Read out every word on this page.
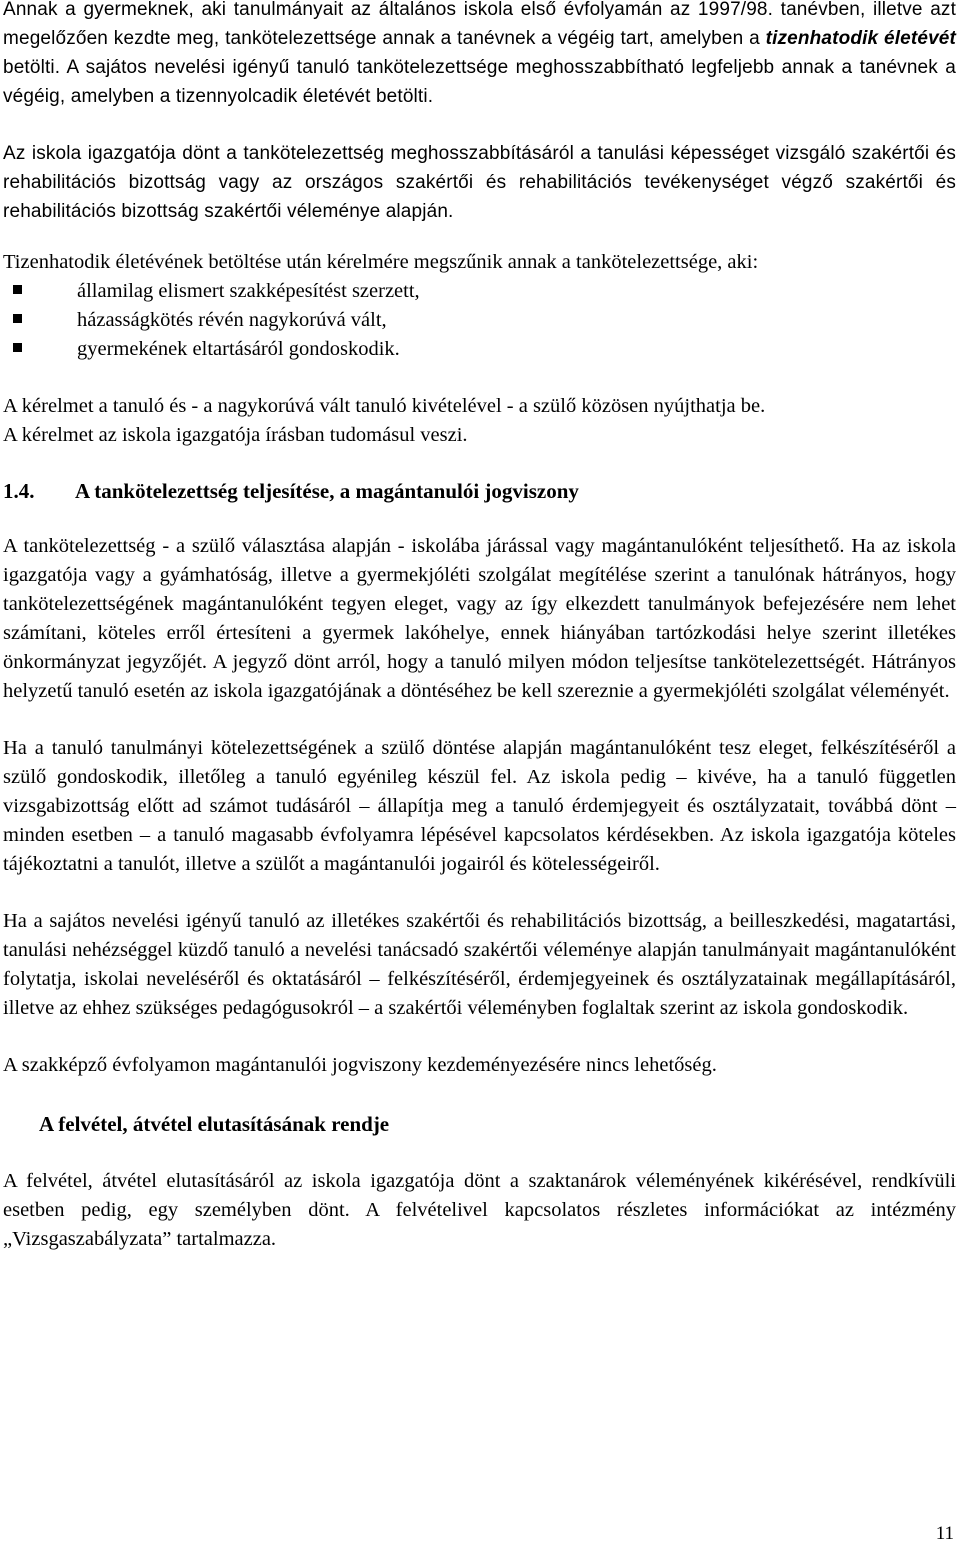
Annak a gyermeknek, aki tanulmányait az általános iskola első évfolyamán az 1997/98. tanévben, illetve azt megelőzően kezdte meg, tankötelezettsége annak a tanévnek a végéig tart, amelyben a tizenhatodik életévét betölti. A sajátos nevelési igényű tanuló tankötelezettsége meghosszabbítható legfeljebb annak a tanévnek a végéig, amelyben a tizennyolcadik életévét betölti.

Az iskola igazgatója dönt a tankötelezettség meghosszabbításáról a tanulási képességet vizsgáló szakértői és rehabilitációs bizottság vagy az országos szakértői és rehabilitációs tevékenységet végző szakértői és rehabilitációs bizottság szakértői véleménye alapján.

Tizenhatodik életévének betöltése után kérelmére megszűnik annak a tankötelezettsége, aki:

államilag elismert szakképesítést szerzett,
házasságkötés révén nagykorúvá vált,
gyermekének eltartásáról gondoskodik.
A kérelmet a tanuló és - a nagykorúvá vált tanuló kivételével - a szülő közösen nyújthatja be.
A kérelmet az iskola igazgatója írásban tudomásul veszi.
1.4.	A tankötelezettség teljesítése, a magántanulói jogviszony

A tankötelezettség - a szülő választása alapján - iskolába járással vagy magántanulóként teljesíthető. Ha az iskola igazgatója vagy a gyámhatóság, illetve a gyermekjóléti szolgálat megítélése szerint a tanulónak hátrányos, hogy tankötelezettségének magántanulóként tegyen eleget, vagy az így elkezdett tanulmányok befejezésére nem lehet számítani, köteles erről értesíteni a gyermek lakóhelye, ennek hiányában tartózkodási helye szerint illetékes önkormányzat jegyzőjét. A jegyző dönt arról, hogy a tanuló milyen módon teljesítse tankötelezettségét. Hátrányos helyzetű tanuló esetén az iskola igazgatójának a döntéséhez be kell szereznie a gyermekjóléti szolgálat véleményét.

Ha a tanuló tanulmányi kötelezettségének a szülő döntése alapján magántanulóként tesz eleget, felkészítéséről a szülő gondoskodik, illetőleg a tanuló egyénileg készül fel. Az iskola pedig – kivéve, ha a tanuló független vizsgabizottság előtt ad számot tudásáról – állapítja meg a tanuló érdemjegyeit és osztályzatait, továbbá dönt – minden esetben – a tanuló magasabb évfolyamra lépésével kapcsolatos kérdésekben. Az iskola igazgatója köteles tájékoztatni a tanulót, illetve a szülőt a magántanulói jogairól és kötelességeiről.

Ha a sajátos nevelési igényű tanuló az illetékes szakértői és rehabilitációs bizottság, a beilleszkedési, magatartási, tanulási nehézséggel küzdő tanuló a nevelési tanácsadó szakértői véleménye alapján tanulmányait magántanulóként folytatja, iskolai neveléséről és oktatásáról – felkészítéséről, érdemjegyeinek és osztályzatainak megállapításáról, illetve az ehhez szükséges pedagógusokról – a szakértői véleményben foglaltak szerint az iskola gondoskodik.

A szakképző évfolyamon magántanulói jogviszony kezdeményezésére nincs lehetőség.

A felvétel, átvétel elutasításának rendje

A felvétel, átvétel elutasításáról az iskola igazgatója dönt a szaktanárok véleményének kikérésével, rendkívüli esetben pedig, egy személyben dönt. A felvételivel kapcsolatos részletes információkat az intézmény „Vizsgaszabályzata” tartalmazza.

11
